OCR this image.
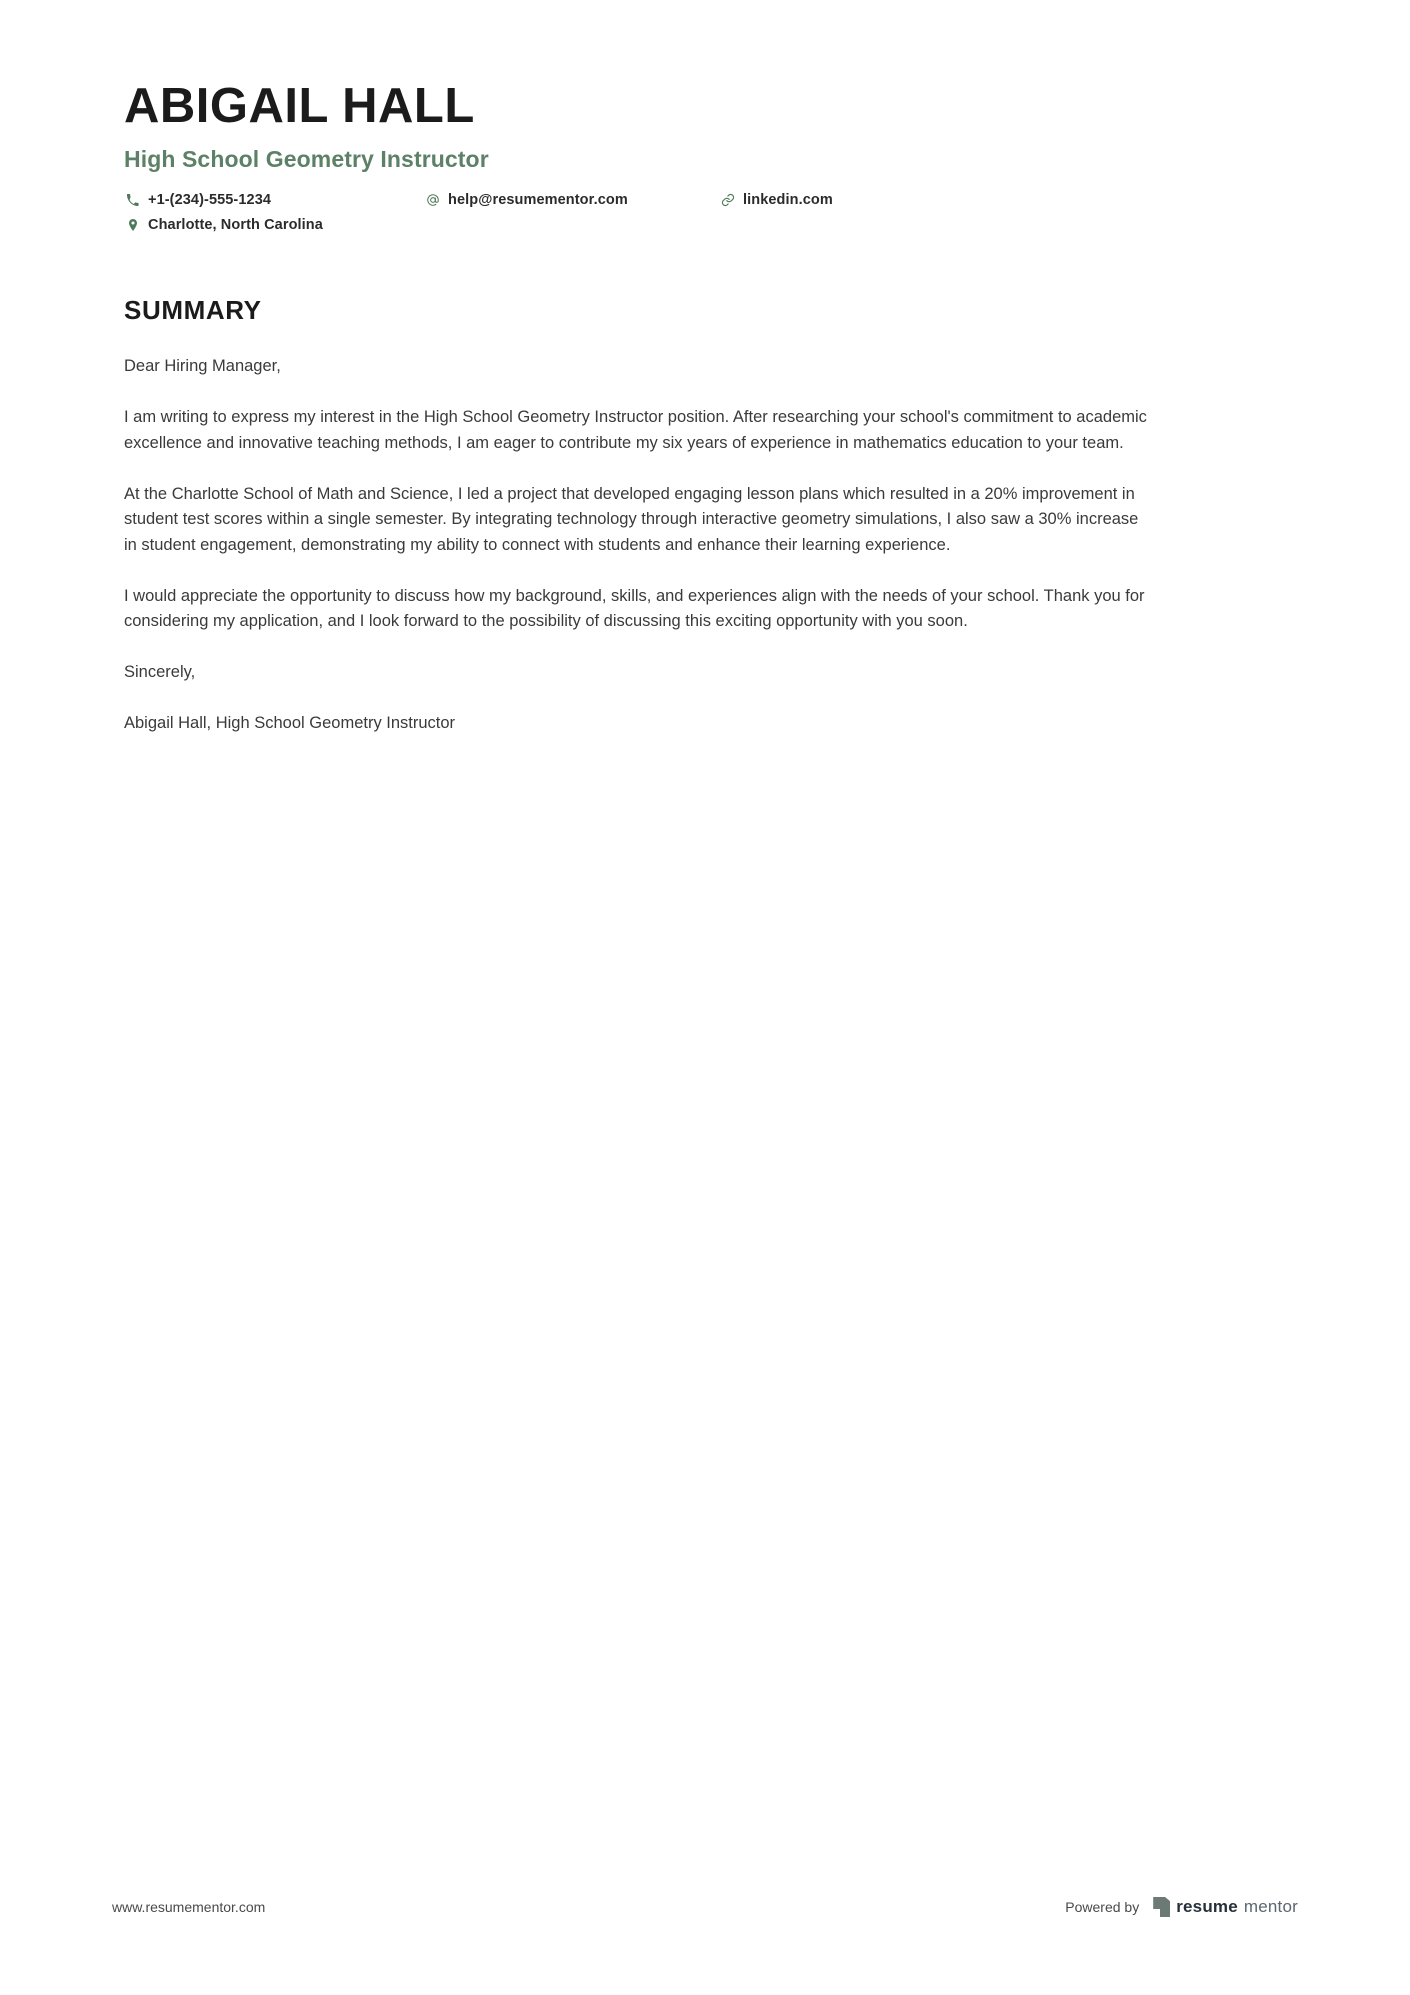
ABIGAIL HALL
High School Geometry Instructor
+1-(234)-555-1234	help@resumementor.com	linkedin.com
Charlotte, North Carolina
SUMMARY

Dear Hiring Manager,

I am writing to express my interest in the High School Geometry Instructor position. After researching your school's commitment to academic excellence and innovative teaching methods, I am eager to contribute my six years of experience in mathematics education to your team.

At the Charlotte School of Math and Science, I led a project that developed engaging lesson plans which resulted in a 20% improvement in student test scores within a single semester. By integrating technology through interactive geometry simulations, I also saw a 30% increase in student engagement, demonstrating my ability to connect with students and enhance their learning experience.

I would appreciate the opportunity to discuss how my background, skills, and experiences align with the needs of your school. Thank you for considering my application, and I look forward to the possibility of discussing this exciting opportunity with you soon.

Sincerely,

Abigail Hall, High School Geometry Instructor

www.resumementor.com	Powered by resume mentor
